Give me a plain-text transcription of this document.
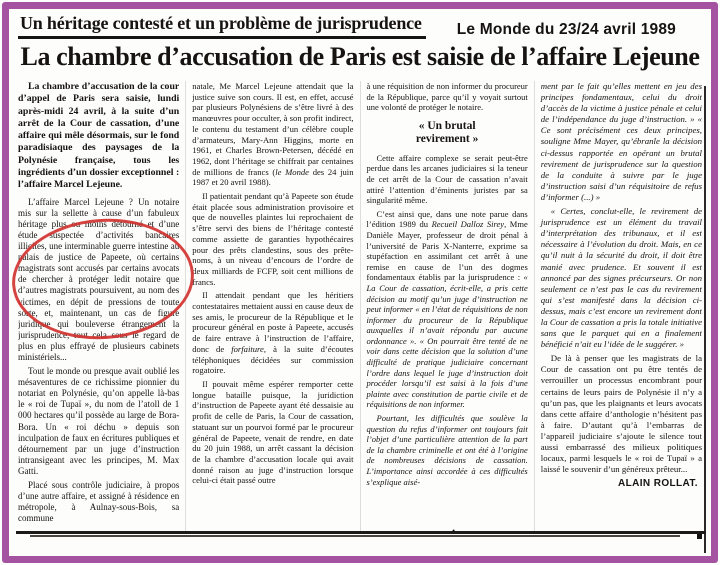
Un héritage contesté et un problème de jurisprudence Le Monde du 23/24 avril 1989
La chambre d’accusation de Paris est saisie de l’affaire Lejeune

La chambre d’accusation de la cour d’appel de Paris sera saisie, lundi après-midi 24 avril, à la suite d’un arrêt de la Cour de cassation, d’une affaire qui mêle désormais, sur le fond paradisiaque des paysages de la Polynésie française, tous les ingrédients d’un dossier exceptionnel : l’affaire Marcel Lejeune.

L’affaire Marcel Lejeune ? Un notaire mis sur la sellette à cause d’un fabuleux héritage plus ou moins détourné et d’une étude suspectée d’activités bancaires illicites, une interminable guerre intestine au palais de justice de Papeete, où certains magistrats sont accusés par certains avocats de chercher à protéger ledit notaire que d’autres magistrats poursuivent, au nom des victimes, en dépit de pressions de toute sorte, et, maintenant, un cas de figure juridique qui bouleverse étrangement la jurisprudence, tout cela sous le regard de plus en plus effrayé de plusieurs cabinets ministériels...

Tout le monde ou presque avait oublié les mésaventures de ce richissime pionnier du notariat en Polynésie, qu’on appelle là-bas le « roi de Tupaï », du nom de l’atoll de 1 000 hectares qu’il possède au large de Bora-Bora. Un « roi déchu » depuis son inculpation de faux en écritures publiques et détournement par un juge d’instruction intransigeant avec les principes, M. Max Gatti.

Placé sous contrôle judiciaire, à propos d’une autre affaire, et assigné à résidence en métropole, à Aulnay-sous-Bois, sa commune

natale, Me Marcel Lejeune attendait que la justice suive son cours. Il est, en effet, accusé par plusieurs Polynésiens de s’être livré à des manœuvres pour occulter, à son profit indirect, le contenu du testament d’un célèbre couple d’armateurs, Mary-Ann Higgins, morte en 1961, et Charles Brown-Petersen, décédé en 1962, dont l’héritage se chiffrait par centaines de millions de francs (le Monde des 24 juin 1987 et 20 avril 1988).

Il patientait pendant qu’à Papeete son étude était placée sous administration provisoire et que de nouvelles plaintes lui reprochaient de s’être servi des biens de l’héritage contesté comme assiette de garanties hypothécaires pour des prêts clandestins, sous des prête-noms, à un niveau d’encours de l’ordre de deux milliards de FCFP, soit cent millions de francs.

Il attendait pendant que les héritiers contestataires mettaient aussi en cause deux de ses amis, le procureur de la République et le procureur général en poste à Papeete, accusés de faire entrave à l’instruction de l’affaire, donc de forfaiture, à la suite d’écoutes téléphoniques décidées sur commission rogatoire.

Il pouvait même espérer remporter cette longue bataille puisque, la juridiction d’instruction de Papeete ayant été dessaisie au profit de celle de Paris, la Cour de cassation, statuant sur un pourvoi formé par le procureur général de Papeete, venait de rendre, en date du 20 juin 1988, un arrêt cassant la décision de la chambre d’accusation locale qui avait donné raison au juge d’instruction lorsque celui-ci était passé outre

à une réquisition de non informer du procureur de la République, parce qu’il y voyait surtout une volonté de protéger le notaire.

« Un brutal revirement »

Cette affaire complexe se serait peut-être perdue dans les arcanes judiciaires si la teneur de cet arrêt de la Cour de cassation n’avait attiré l’attention d’éminents juristes par sa singularité même.

C’est ainsi que, dans une note parue dans l’édition 1989 du Recueil Dalloz Sirey, Mme Danièle Mayer, professeur de droit pénal à l’université de Paris X-Nanterre, exprime sa stupéfaction en assimilant cet arrêt à une remise en cause de l’un des dogmes fondamentaux établis par la jurisprudence : « La Cour de cassation, écrit-elle, a pris cette décision au motif qu’un juge d’instruction ne peut informer « en l’état de réquisitions de non informer du procureur de la République auxquelles il n’avait répondu par aucune ordonnance ». « On pourrait être tenté de ne voir dans cette décision que la solution d’une difficulté de pratique judiciaire concernant l’ordre dans lequel le juge d’instruction doit procéder lorsqu’il est saisi à la fois d’une plainte avec constitution de partie civile et de réquisitions de non informer.

Pourtant, les difficultés que soulève la question du refus d’informer ont toujours fait l’objet d’une particulière attention de la part de la chambre criminelle et ont été à l’origine de nombreuses décisions de cassation. L’importance ainsi accordée à ces difficultés s’explique aisé-

ment par le fait qu’elles mettent en jeu des principes fondamentaux, celui du droit d’accès de la victime à justice pénale et celui de l’indépendance du juge d’instruction. » « Ce sont précisément ces deux principes, souligne Mme Mayer, qu’ébranle la décision ci-dessus rapportée en opérant un brutal revirement de jurisprudence sur la question de la conduite à suivre par le juge d’instruction saisi d’un réquisitoire de refus d’informer (...) »

« Certes, conclut-elle, le revirement de jurisprudence est un élément du travail d’interprétation des tribunaux, et il est nécessaire à l’évolution du droit. Mais, en ce qu’il nuit à la sécurité du droit, il doit être manié avec prudence. Et souvent il est annoncé par des signes précurseurs. Or non seulement ce n’est pas le cas du revirement qui s’est manifesté dans la décision ci-dessus, mais c’est encore un revirement dont la Cour de cassation a pris la totale initiative sans que le parquet qui en a finalement bénéficié n’ait eu l’idée de le suggérer. »

De là à penser que les magistrats de la Cour de cassation ont pu être tentés de verrouiller un processus encombrant pour certains de leurs pairs de Polynésie il n’y a qu’un pas, que les plaignants et leurs avocats dans cette affaire d’anthologie n’hésitent pas à faire. D’autant qu’à l’embarras de l’appareil judiciaire s’ajoute le silence tout aussi embarrassé des milieux politiques locaux, parmi lesquels le « roi de Tupaï » a laissé le souvenir d’un généreux prêteur...

ALAIN ROLLAT.

•
